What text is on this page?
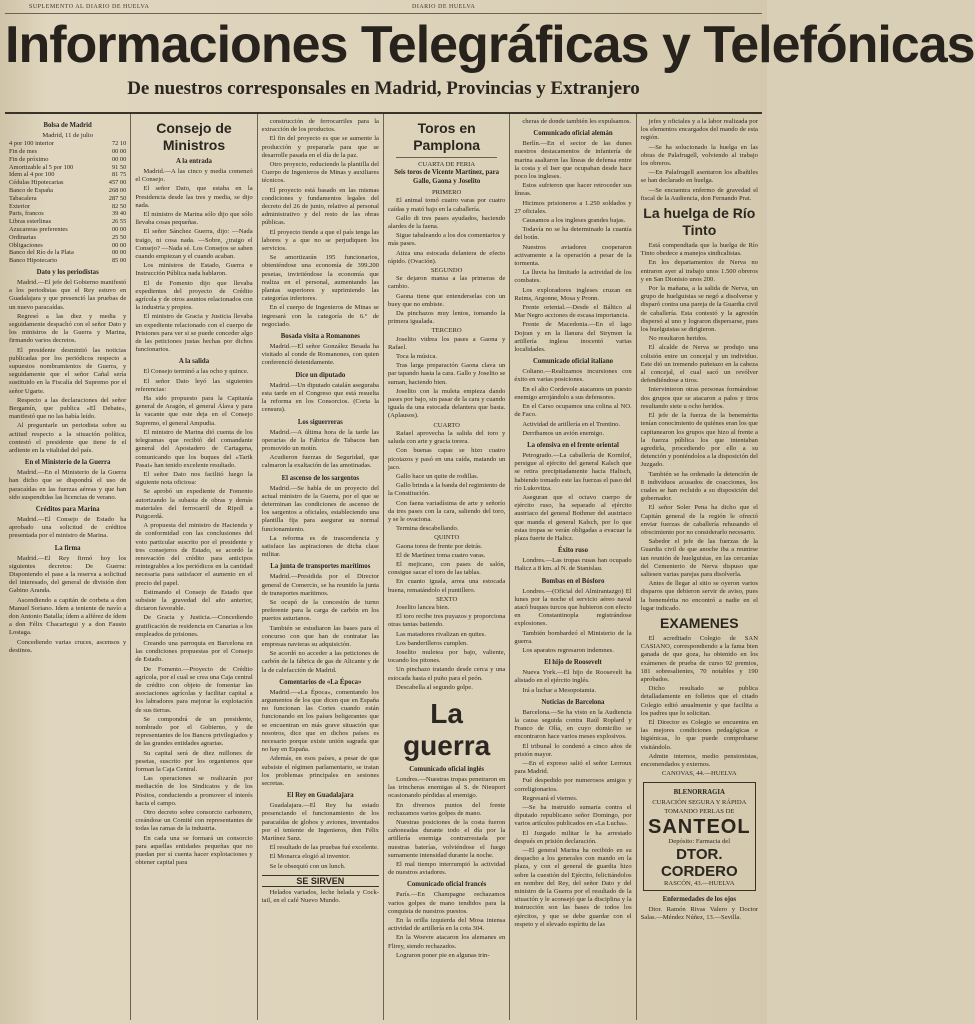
SUPLEMENTO AL DIARIO DE HUELVA	DIARIO DE HUELVA
Informaciones Telegráficas y Telefónicas
De nuestros corresponsales en Madrid, Provincias y Extranjero
Bolsa de Madrid
Madrid, 11 de julio
4 por 100 interior	72 10
Fin de mes	00 00
Fin de próximo	00 00
Amortizable al 5 por 100	91 50
Idem al 4 por 100	81 75
Cédulas Hipotecarias	457 00
Banco de España	268 00
Tabacalera	287 50
Exterior	82 50
Paris, francos	39 40
Libras esterlinas	26 55
Azucareras preferentes	00 00
Ordinarias	25 50
Obligaciones	00 00
Banco del Río de la Plata	00 00
Banco Hipotecario	85 00
Dato y los periodistas

Madrid.—El jefe del Gobierno manifestó a los periodistas que el Rey estuvo en Guadalajara y que presenció las pruebas de un nuevo paracaídas.

Regresó a las diez y media y seguidamente despachó con el señor Dato y los ministros de la Guerra y Marina, firmando varios decretos.

El presidente desmintió las noticias publicadas por los periódicos respecto a supuestos nombramientos de Guerra, y seguidamente que el señor Cañal sería sustituido en la Fiscalía del Supremo por el señor Ugarte.

Respecto a las declaraciones del señor Bergamín, que publica «El Debate», manifestó que no las había leído.

Al preguntarle un periodista sobre su actitud respecto a la situación política, contestó el presidente que tiene fe el ardiente en la vitalidad del país.

En el Ministerio de la Guerra

Madrid.—En el Ministerio de la Guerra han dicho que se dispondrá el uso de paracaídas en las fuerzas aéreas y que han sido suspendidas las licencias de verano.

Créditos para Marina

Madrid.—El Consejo de Estado ha aprobado una solicitud de créditos presentada por el ministro de Marina.

La firma

Madrid.—El Rey firmó hoy los siguientes decretos: De Guerra: Disponiendo el pase a la reserva a solicitud del interesado, del general de división don Gabino Aranda.

Ascendiendo a capitán de corbeta a don Manuel Soriano. Idem a teniente de navío a don Antonio Batalla; ídem a alférez de ídem a don Félix Chacartegui y a don Fausto Lostaga.

Concediendo varias cruces, ascensos y destinos.

Consejo de Ministros
A la entrada

Madrid.—A las cinco y media comenzó el Consejo.

El señor Dato, que estaba en la Presidencia desde las tres y media, se dijo nada.

El ministro de Marina sólo dijo que sólo llevaba cosas pequeñas.

El señor Sánchez Guerra, dijo: —Nada traigo, ni cosa nada. —Sobre, ¿traigo el Consejo? —Nada sé. Los Consejos se saben cuando empiezan y el cuando acaban.

Los ministros de Estado, Guerra e Instrucción Pública nada hablaron.

El de Fomento dijo que llevaba expedientes del proyecto de Crédito agrícola y de otros asuntos relacionados con la industria y propios.

El ministro de Gracia y Justicia llevaba un expediente relacionado con el cuerpo de Prisiones para ver si se puede conceder algo de las peticiones justas hechas por dichos funcionarios.

A la salida

El Consejo terminó a las ocho y quince.

El señor Dato leyó las siguientes referencias:

Ha sido propuesto para la Capitanía general de Aragón, el general Álava y para la vacante que este deja en el Consejo Supremo, el general Ampudia.

El ministro de Marina dió cuenta de los telegramas que recibió del comandante general del Apostadero de Cartagena, comunicando que los buques del «Tarik Pasai» han tenido excelente resultado.

El señor Dato nos facilitó luego la siguiente nota oficiosa:

Se aprobó un expediente de Fomento autorizando la subasta de obras y demás materiales del ferrocarril de Ripoll a Puigcerdá.

A propuesta del ministro de Hacienda y de conformidad con las conclusiones del voto particular suscrito por el presidente y tres consejeros de Estado, se acordó la renovación del crédito para anticipos reintegrables a los periódicos en la cantidad necesaria para satisfacer el aumento en el precio del papel.

Estimando el Consejo de Estado que subsiste la gravedad del año anterior, dictaron favorable.

De Gracia y Justicia.—Concediendo gratificación de residencia en Canarias a los empleados de prisiones.

Creando una parroquia en Barcelona en las condiciones propuestas por el Consejo de Estado.

De Fomento.—Proyecto de Crédito agrícola, por el cual se crea una Caja central de crédito con objeto de fomentar las asociaciones agrícolas y facilitar capital a los labradores para mejorar la explotación de sus tierras.

Se compondrá de un presidente, nombrado por el Gobierno, y de representantes de los Bancos privilegiados y de las grandes entidades agrarias.

Su capital será de diez millones de pesetas, suscrito por los organismos que forman la Caja Central.

Las operaciones se realizarán por mediación de los Sindicatos y de los Pósitos, conduciendo a promover el interés hacia el campo.

Otro decreto sobre consorcio carbonero, creándose un Comité con representantes de todas las ramas de la industria.

En cada una se formará un consorcio para aquellas entidades pequeñas que no puedan por sí cuenta hacer explotaciones y obtener capital para

construcción de ferrocarriles para la extracción de los productos.

El fin del proyecto es que se aumente la producción y prepararla para que se desarrolle pasada en el día de la paz.

Otro proyecto, reduciendo la plantilla del Cuerpo de Ingenieros de Minas y auxiliares técnicos.

El proyecto está basado en las mismas condiciones y fundamentos legales del decreto del 26 de junio, relativo al personal administrativo y del resto de las obras públicas.

El proyecto tiende a que el país tenga las labores y a que no se perjudiquen los servicios.

Se amortizarán 195 funcionarios, obteniéndose una economía de 399.200 pesetas, invirtiéndose la economía que realiza en el personal, aumentando las plantas superiores y suprimiendo las categorías inferiores.

En el cuerpo de Ingenieros de Minas se ingresará con la categoría de 6.º de negociado.

Bosada visita a Romanones

Madrid.—El señor González Besada ha visitado al conde de Romanones, con quien conferenció detenidamente.

Dice un diputado

Madrid.—Un diputado catalán aseguraba esta tarde en el Congreso que está resuelta la reforma en los Consorcios. (Corta la censura).

Los siguerreras

Madrid.—A última hora de la tarde las operarias de la Fábrica de Tabacos han promovido un motín.

Acudieron fuerzas de Seguridad, que calmaron la exaltación de las amotinadas.

El ascenso de los sargentos

Madrid.—Se habla de un proyecto del actual ministro de la Guerra, por el que se determinan las condiciones de ascenso de los sargentos a oficiales, estableciendo una plantilla fija para asegurar su normal funcionamiento.

La reforma es de trascendencia y satisface las aspiraciones de dicha clase militar.

La junta de transportes marítimos

Madrid.—Presidida por el Director general de Comercio, se ha reunido la junta de transportes marítimos.

Se ocupó de la concesión de turno preferente para la carga de carbón en los puertos asturianos.

También se estudiaron las bases para el concurso con que han de contratar las empresas navieras su adquisición.

Se acordó no acceder a las peticiones de carbón de la fábrica de gas de Alicante y de la de calefacción de Madrid.

Comentarios de «La Época»

Madrid.—«La Época», comentando los argumentos de los que dicen que en España no funcionan las Cortes cuando están funcionando en los países beligerantes que se encuentran en más grave situación que nosotros, dice que en dichos países es necesario porque existe unión sagrada que no hay en España.

Además, en esos países, a pesar de que subsiste el régimen parlamentario, se tratan los problemas principales en sesiones secretas.

El Rey en Guadalajara

Guadalajara.—El Rey ha estado presenciando el funcionamiento de los paracaídas de globos y aviones, inventados por el teniente de Ingenieros, don Félix Martínez Sanz.

El resultado de las pruebas fué excelente.

El Monarca elogió al inventor.

Se le obsequió con un lunch.

SE SIRVEN

Helados variados, leche helada y Cock-tail, en el café Nuevo Mundo.

Toros en Pamplona
CUARTA DE FERIA
Seis toros de Vicente Martínez, para Gallo, Gaona y Joselito
PRIMERO

El animal tomó cuatro varas por cuatro caídas y mató bajo en la caballería.

Gallo di tres pases ayudados, haciendo alardes de la faena.

Sigue tabaleando a los dos comentarios y más pases.

Atiza una estocada delantera de efecto rápido. (Ovación).

SEGUNDO

Se dejaron mansa a las primeras de cambio.

Gaona tiene que entenderselas con un buey que no embiste.

Da pinchazos muy lentos, tomando la primera igualada.

TERCERO

Joselito vidrea los pases a Gaona y Rafael.

Toca la música.

Tras larga preparación Gaona clava un par tapando hasta la cara. Gallo y Joselito se suman, haciendo bien.

Joselito con la muleta empieza dando pases por bajo, sin pasar de la cara y cuando iguala da una estocada delantera que basta. (Aplausos).

CUARTO

Rafael aprovecha la salida del toro y saluda con arte y gracia torera.

Con buenas capas se hizo cuatro picotazos y pasó en una caída, matando un jaco.

Gallo hace un quite de rodillas.

Gallo brinda a la banda del regimiento de la Constitución.

Con faena variadísima de arte y señorío da tres pases con la cara, saliendo del toro, y se le ovaciona.

Termina descabellando.

QUINTO

Gaona torea de frente por detrás.

El de Martínez toma cuatro varas.

El mejicano, con pases de salón, consigue sacar el toro de las tablas.

En cuanto iguala, arrea una estocada buena, rematándolo el puntillero.

SEXTO

Joselito lancea bien.

El toro recibe tres puyazos y proporciona otras tantas batiendo.

Las matadores rivalizan en quites.

Los banderilleros cumplen.

Joselito muletea por bajo, valiente, tocando los pitones.

Un pinchazo tratando desde cerca y una estocada hasta el puño para el peón.

Descabella al segundo golpe.

La guerra
Comunicado oficial inglés

Londres.—Nuestras tropas penetraron en las trincheras enemigas al S. de Nieuport ocasionando pérdidas al enemigo.

En diversos puntos del frente rechazamos varios golpes de mano.

Nuestras posiciones de la costa fueron cañoneadas durante todo el día por la artillería enemiga contrarrestada por nuestras baterías, volviéndose el fuego sumamente intensidad durante la noche.

El mal tiempo interrumpió la actividad de nuestros aviadores.

Comunicado oficial francés

París.—En Champagne rechazamos varios golpes de mano tendidos para la conquista de nuestros puestos.

En la orilla izquierda del Mosa intensa actividad de artillería en la cota 304.

En la Woevre atacaron los alemanes en Flirey, siendo rechazados.

Lograron poner pie en algunas trin-

cheras de donde también les expulsamos.

Comunicado oficial alemán

Berlín.—En el sector de las dunes nuestros destacamentos de infantería de marina asaltaron las líneas de defensa entre la costa y el Iser que ocupaban desde hace poco los ingleses.

Estos sufrieron que hacer retroceder sus líneas.

Hicimos prisioneros a 1.250 soldados y 27 oficiales.

Causamos a los ingleses grandes bajas.

Todavía no se ha determinado la cuantía del botín.

Nuestros aviadores cooperaron activamente a la operación a pesar de la tormenta.

La lluvia ha limitado la actividad de los combates.

Los exploradores ingleses cruzan en Reims, Argonne, Mosa y Pronn.

Frente oriental.—Desde el Báltico al Mar Negro acciones de escasa importancia.

Frente de Macedonia.—En el lago Dojran y en la llanura del Strymon la artillería inglesa inocentó varias localidades.

Comunicado oficial italiano

Coltano.—Realizamos incursiones con éxito en varias posiciones.

En el alto Cordevole atacamos un puesto enemigo arrojándolo a sus defensores.

En el Carso ocupamos una colina al NO. de Faco.

Actividad de artillería en el Trentino.

Derribamos un avión enemigo.

La ofensiva en el frente oriental

Petrogrado.—La caballería de Kornilof, persigue al ejército del general Kalsch que se retira precipitadamente hacia Halisch, habiendo tomado este las fuerzas el paso del río Lukovitza.

Aseguran que el octavo cuerpo de ejército ruso, ha separado al ejército austriaco del general Bothmer del austriaco que manda el general Kalsch, por lo que estas tropas se verán obligadas a evacuar la plaza fuerte de Halicz.

Éxito ruso

Londres.—Las tropas rusas han ocupado Halicz a 8 km. al N. de Stanislau.

Bombas en el Bósforo

Londres.—(Oficial del Almirantazgo) El lunes por la noche el servicio aéreo naval atacó buques turcos que hubieron con efecto en Constantinopla registrándose explosiones.

También bombardeó el Ministerio de la guerra.

Los aparatos regresaron indemnes.

El hijo de Roosevelt

Nueva York.—El hijo de Roosevelt ha alistado en el ejército inglés.

Irá a luchar a Mesopotamia.

Noticias de Barcelona

Barcelona.—Se ha visto en la Audiencia la causa seguida contra Raúl Roplard y Franco de Olía, en cuyo domicilio se encontraron hace varios meses explosivos.

El tribunal lo condenó a cinco años de prisión mayor.

—En el expreso salió el señor Lerroux para Madrid.

Fué despedido por numerosos amigos y correligionarios.

Regresará el viernes.

—Se ha instruido sumaria contra el diputado republicano señor Domingo, por varios artículos publicados en «La Lucha».

El Juzgado militar le ha arrestado después en prisión declaración.

—El general Marina ha recibido en su despacho a los generales con mando en la plaza, y con el general de guardia hizo sobre la cuestión del Ejército, felicitándolos en nombre del Rey, del señor Dato y del ministro de la Guerra por el resultado de la situación y le aconsejó que la disciplina y la instrucción son las bases de todos los ejércitos, y que se debe guardar con el respeto y el elevado espíritu de las

jefes y oficiales y a la labor realizada por los elementos encargados del mando de esta región.

—Se ha solucionado la huelga en las obras de Palafrugell, volviendo al trabajo los obreros.

—En Palafrugell asentaron los albañiles se han declarado en huelga.

—Se encuentra enfermo de gravedad el fiscal de la Audiencia, don Fernando Prat.

La huelga de Río Tinto

Está compendiada que la huelga de Río Tinto obedece a manejos sindicalistas.

En los departamentos de Nerva no entraron ayer al trabajo unos 1.500 obreros y en San Dionisio unos 200.

Por la mañana, a la salida de Nerva, un grupo de huelguistas se negó a disolverse y disparó contra una pareja de la Guardia civil de caballería. Esta contestó y la agresión dispersó al uno y lograron dispersarse, pues los huelguistas se dirigieron.

No resultaron heridos.

El alcalde de Nerva se produjo una colisión entre un concejal y un individuo. Este dió un tremendo puñetazo en la cabeza al concejal, el cual sacó un revólver defendiéndose a tiros.

Intervinieron otras personas formándose dos grupos que se atacaron a palos y tiros resultando siete u ocho heridos.

El jefe de la fuerza de la benemérita tenían conocimiento de quiénes eran los que capitanearon los grupos que hizo al frente a la fuerza pública los que intentaban agredirla, procediendo por ello a su detención y poniéndolos a la disposición del Juzgado.

También se ha ordenado la detención de 8 individuos acusados de coacciones, los cuales se han recluido a su disposición del gobernador.

El señor Soler Pena ha dicho que el Capitán general de la región le ofreció enviar fuerzas de caballería rehusando el ofrecimiento por no considerarlo necesario.

Sabedor el jefe de las fuerzas de la Guardia civil de que anoche iba a reunirse tan reunión de huelguistas, en las cercanías del Cementerio de Nerva dispuso que saliesen varias parejas para disolverla.

Antes de llegar al sitio se oyeron varios disparos que debieron servir de aviso, pues la benemérita no encontró a nadie en el lugar indicado.

EXAMENES

El acreditado Colegio de SAN CASIANO, correspondiendo a la fama bien ganada de que goza, ha obtenido en los exámenes de prueba de curso 92 premios, 181 sobresalientes, 70 notables y 190 aprobados.

Dicho resultado se publica detalladamente en folletos que el citado Colegio editó anualmente y que facilita a los padres que lo solicitan.

El Director es Colegio se encuentra en las mejores condiciones pedagógicas e higiénicas, lo que puede comprobarse visitándolo.

Admite internos, medio pensionistas, encomendados y externos.

CANOVAS, 44.—HUELVA
BLENORRAGIA
CURACIÓN SEGURA Y RÁPIDA TOMANDO PERLAS DE
SANTEOL
Depósito: Farmacia del
DTOR. CORDERO
RASCÓN, 43.—HUELVA
Enfermedades de los ojos

Dtor. Ramón Rivas Valero y Doctor Salas.—Méndez Núñez, 13.—Sevilla.
